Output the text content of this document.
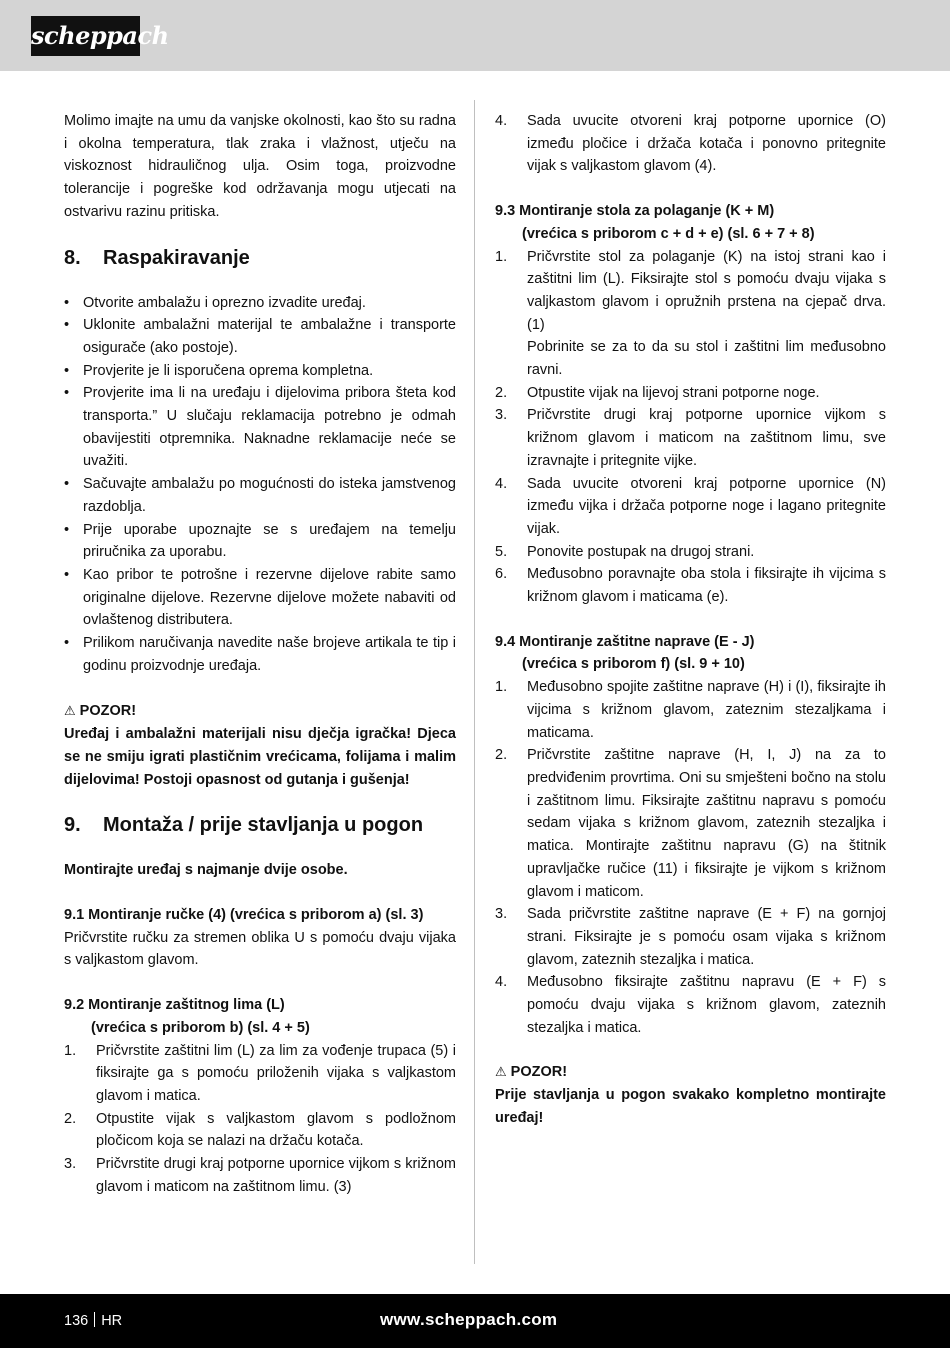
scheppach

Molimo imajte na umu da vanjske okolnosti, kao što su radna i okolna temperatura, tlak zraka i vlažnost, utječu na viskoznost hidrauličnog ulja. Osim toga, proizvodne tolerancije i pogreške kod održavanja mogu utjecati na ostvarivu razinu pritiska.

8.	Raspakiravanje
• Otvorite ambalažu i oprezno izvadite uređaj.
• Uklonite ambalažni materijal te ambalažne i transporte osigurače (ako postoje).
• Provjerite je li isporučena oprema kompletna.
• Provjerite ima li na uređaju i dijelovima pribora šteta kod transporta.” U slučaju reklamacija potrebno je odmah obavijestiti otpremnika. Naknadne reklamacije neće se uvažiti.
• Sačuvajte ambalažu po mogućnosti do isteka jamstvenog razdoblja.
• Prije uporabe upoznajte se s uređajem na temelju priručnika za uporabu.
• Kao pribor te potrošne i rezervne dijelove rabite samo originalne dijelove. Rezervne dijelove možete nabaviti od ovlaštenog distributera.
• Prilikom naručivanja navedite naše brojeve artikala te tip i godinu proizvodnje uređaja.
⚠ POZOR!

Uređaj i ambalažni materijali nisu dječja igračka! Djeca se ne smiju igrati plastičnim vrećicama, folijama i malim dijelovima! Postoji opasnost od gutanja i gušenja!

9.	Montaža / prije stavljanja u pogon

Montirajte uređaj s najmanje dvije osobe.

9.1 Montiranje ručke (4) (vrećica s priborom a) (sl. 3)

Pričvrstite ručku za stremen oblika U s pomoću dvaju vijaka s valjkastom glavom.

9.2 Montiranje zaštitnog lima (L)

(vrećica s priborom b) (sl. 4 + 5)

1. Pričvrstite zaštitni lim (L) za lim za vođenje trupaca (5) i fiksirajte ga s pomoću priloženih vijaka s valjkastom glavom i matica.
2. Otpustite vijak s valjkastom glavom s podložnom pločicom koja se nalazi na držaču kotača.
3. Pričvrstite drugi kraj potporne upornice vijkom s križnom glavom i maticom na zaštitnom limu. (3)
4. Sada uvucite otvoreni kraj potporne upornice (O) između pločice i držača kotača i ponovno pritegnite vijak s valjkastom glavom (4).

9.3 Montiranje stola za polaganje (K + M)

(vrećica s priborom c + d + e) (sl. 6 + 7 + 8)

1. Pričvrstite stol za polaganje (K) na istoj strani kao i zaštitni lim (L). Fiksirajte stol s pomoću dvaju vijaka s valjkastom glavom i opružnih prstena na cjepač drva. (1)
Pobrinite se za to da su stol i zaštitni lim međusobno ravni.
2. Otpustite vijak na lijevoj strani potporne noge.
3. Pričvrstite drugi kraj potporne upornice vijkom s križnom glavom i maticom na zaštitnom limu, sve izravnajte i pritegnite vijke.
4. Sada uvucite otvoreni kraj potporne upornice (N) između vijka i držača potporne noge i lagano pritegnite vijak.
5. Ponovite postupak na drugoj strani.
6. Međusobno poravnajte oba stola i fiksirajte ih vijcima s križnom glavom i maticama (e).

9.4 Montiranje zaštitne naprave (E - J)

(vrećica s priborom f) (sl. 9 + 10)

1. Međusobno spojite zaštitne naprave (H) i (I), fiksirajte ih vijcima s križnom glavom, zateznim stezaljkama i maticama.
2. Pričvrstite zaštitne naprave (H, I, J) na za to predviđenim provrtima. Oni su smješteni bočno na stolu i zaštitnom limu. Fiksirajte zaštitnu napravu s pomoću sedam vijaka s križnom glavom, zateznih stezaljka i matica. Montirajte zaštitnu napravu (G) na štitnik upravljačke ručice (11) i fiksirajte je vijkom s križnom glavom i maticom.
3. Sada pričvrstite zaštitne naprave (E + F) na gornjoj strani. Fiksirajte je s pomoću osam vijaka s križnom glavom, zateznih stezaljka i matica.
4. Međusobno fiksirajte zaštitnu napravu (E + F) s pomoću dvaju vijaka s križnom glavom, zateznih stezaljka i matica.
⚠ POZOR!

Prije stavljanja u pogon svakako kompletno montirajte uređaj!

136 HR	www.scheppach.com
